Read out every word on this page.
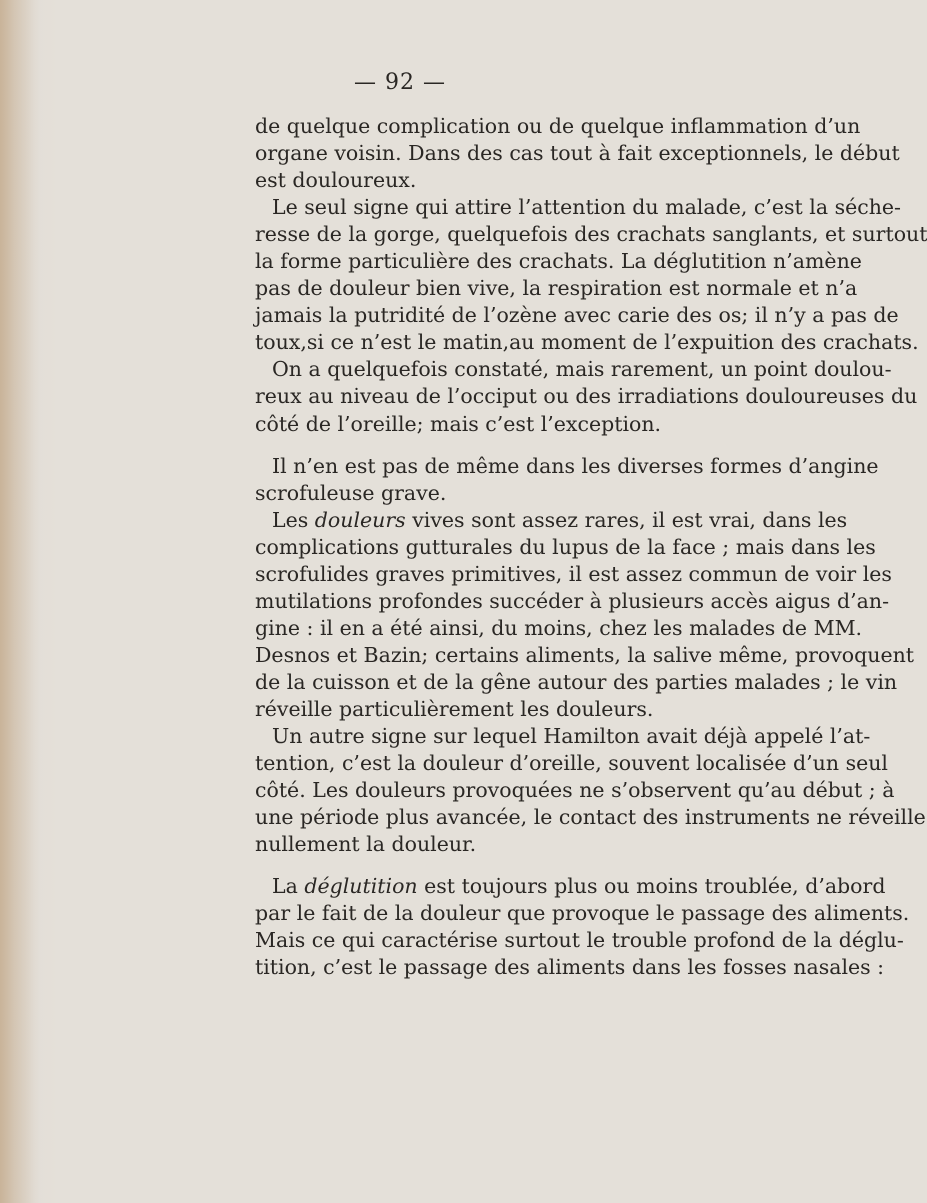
— 92 —
de quelque complication ou de quelque inflammation d’un
organe voisin. Dans des cas tout à fait exceptionnels, le début
est douloureux.
Le seul signe qui attire l’attention du malade, c’est la séche-
resse de la gorge, quelquefois des crachats sanglants, et surtout
la forme particulière des crachats. La déglutition n’amène
pas de douleur bien vive, la respiration est normale et n’a
jamais la putridité de l’ozène avec carie des os; il n’y a pas de
toux,si ce n’est le matin,au moment de l’expuition des crachats.
On a quelquefois constaté, mais rarement, un point doulou-
reux au niveau de l’occiput ou des irradiations douloureuses du
côté de l’oreille; mais c’est l’exception.
Il n’en est pas de même dans les diverses formes d’angine
scrofuleuse grave.
Les douleurs vives sont assez rares, il est vrai, dans les
complications gutturales du lupus de la face ; mais dans les
scrofulides graves primitives, il est assez commun de voir les
mutilations profondes succéder à plusieurs accès aigus d’an-
gine : il en a été ainsi, du moins, chez les malades de MM.
Desnos et Bazin; certains aliments, la salive même, provoquent
de la cuisson et de la gêne autour des parties malades ; le vin
réveille particulièrement les douleurs.
Un autre signe sur lequel Hamilton avait déjà appelé l’at-
tention, c’est la douleur d’oreille, souvent localisée d’un seul
côté. Les douleurs provoquées ne s’observent qu’au début ; à
une période plus avancée, le contact des instruments ne réveille
nullement la douleur.
La déglutition est toujours plus ou moins troublée, d’abord
par le fait de la douleur que provoque le passage des aliments.
Mais ce qui caractérise surtout le trouble profond de la déglu-
tition, c’est le passage des aliments dans les fosses nasales :
